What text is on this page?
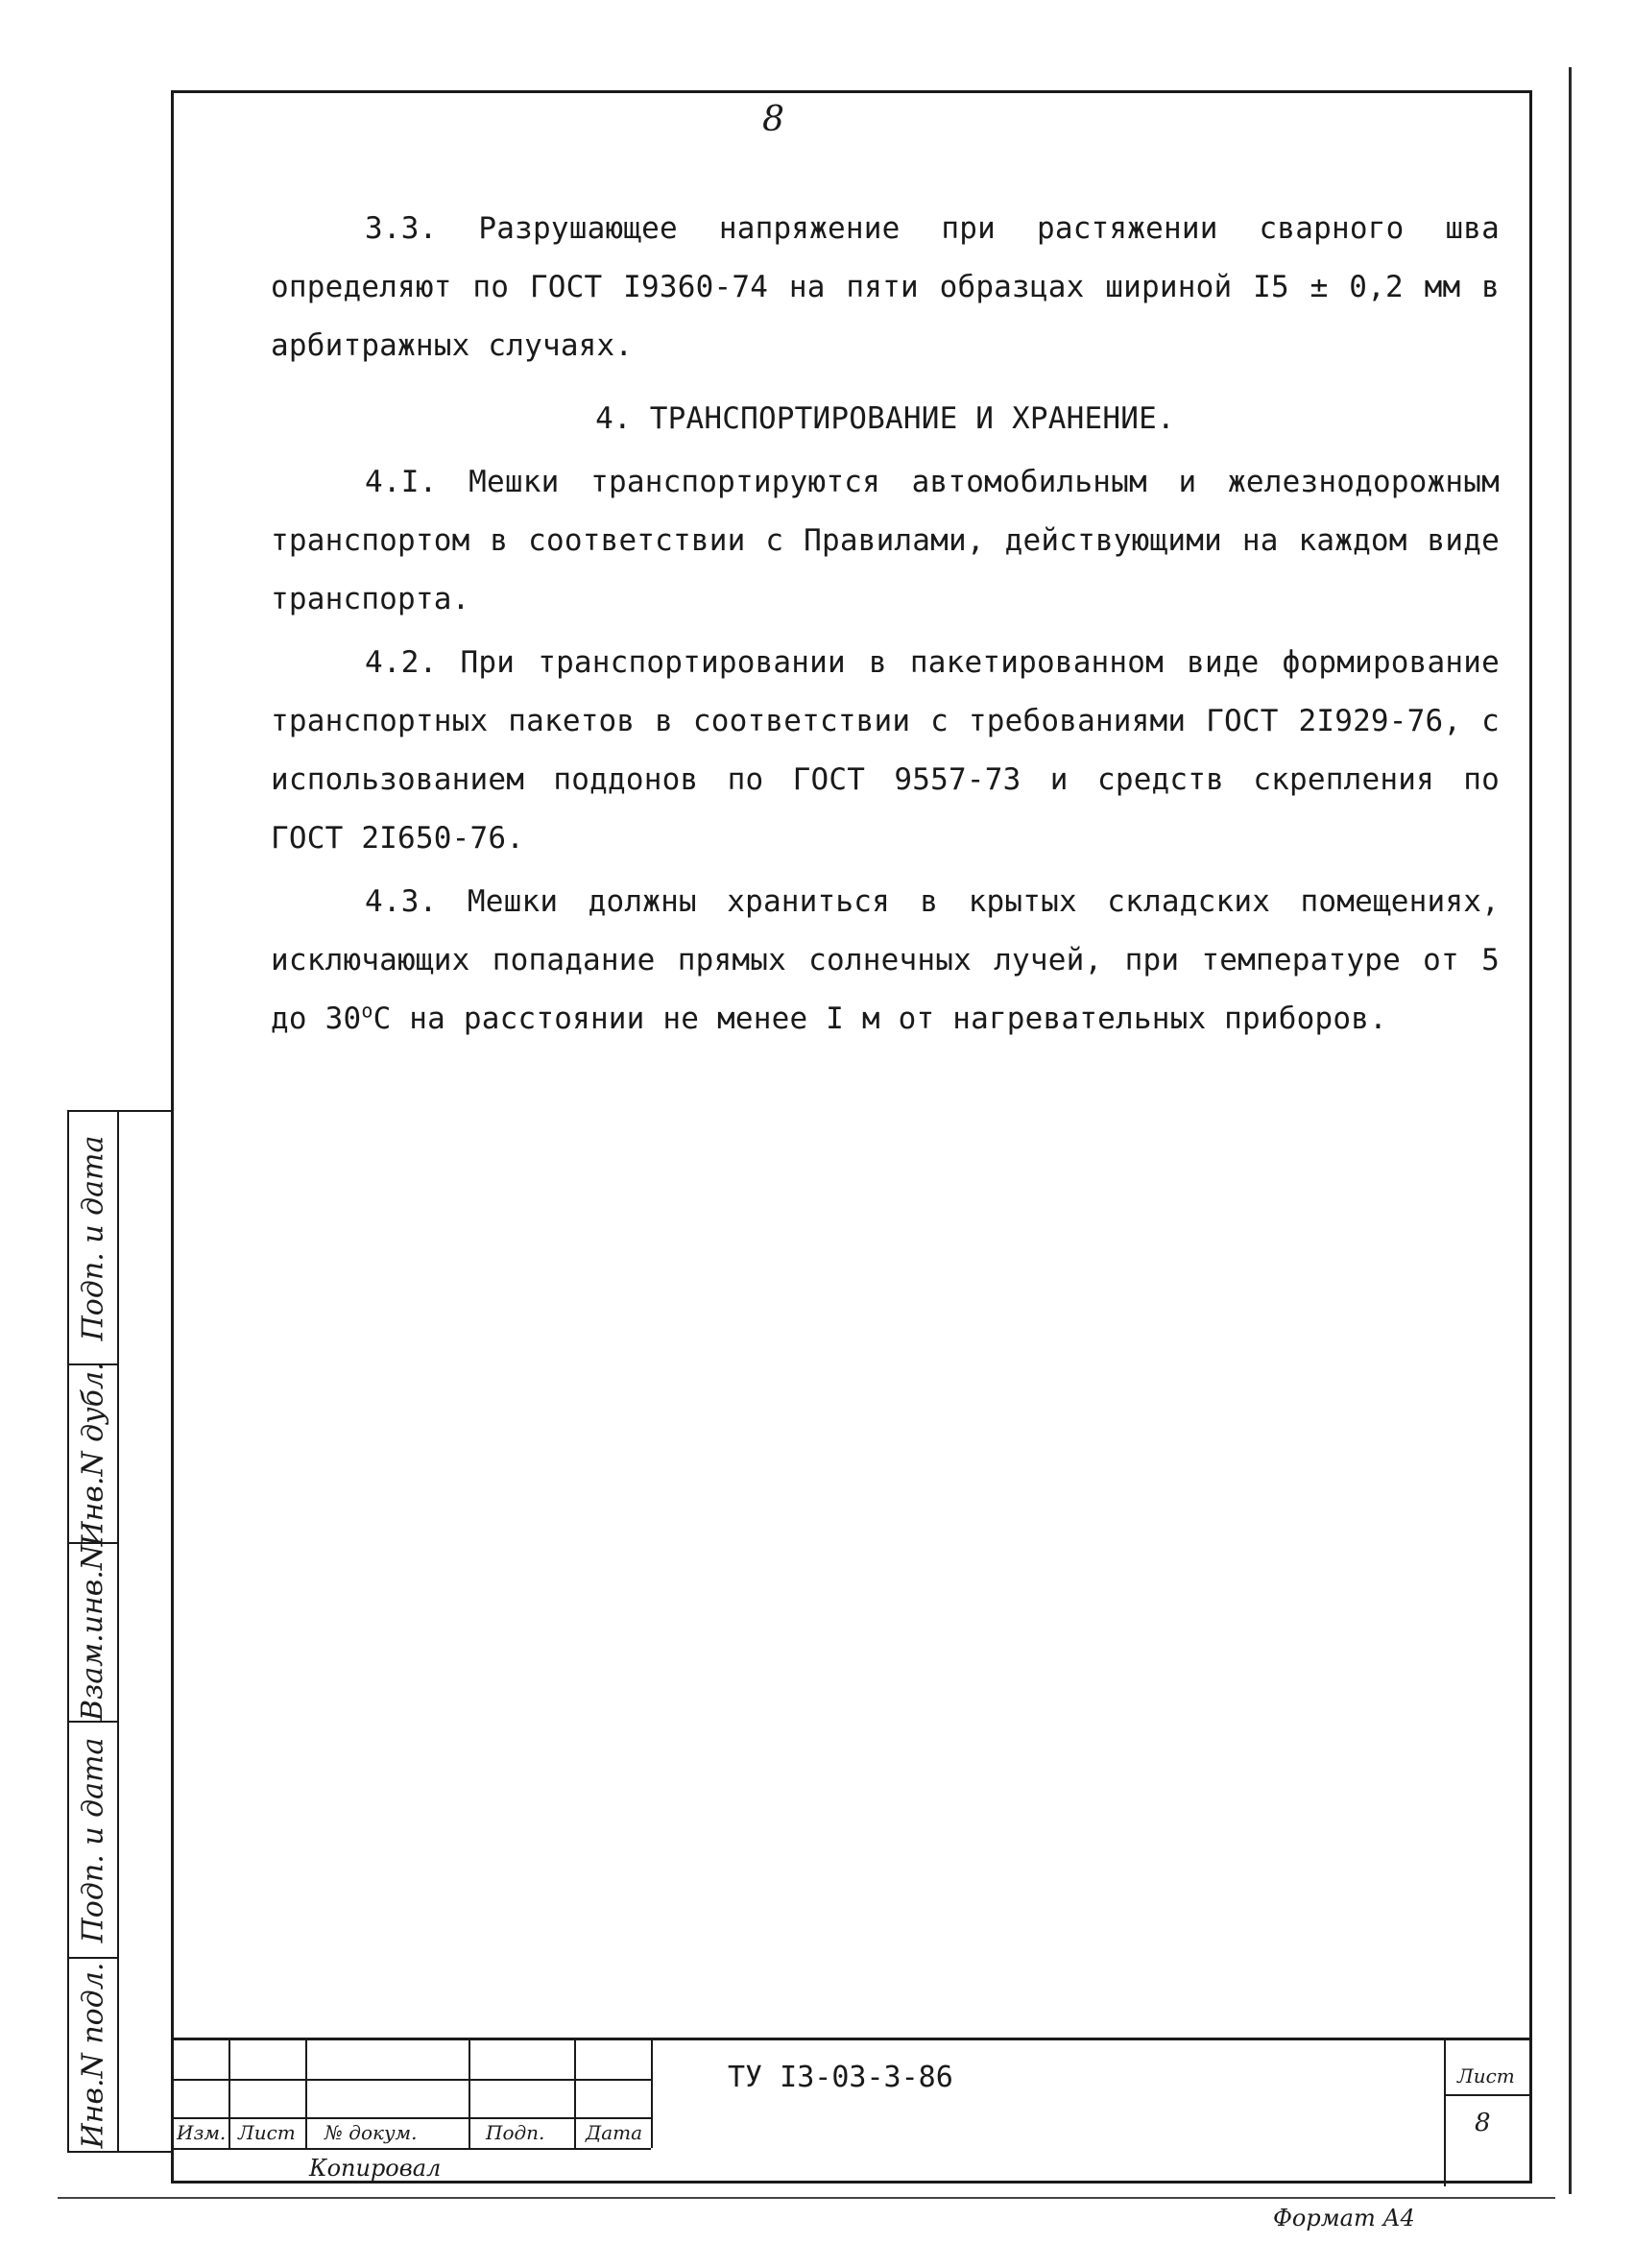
8

3.3. Разрушающее напряжение при растяжении сварного шва определяют по ГОСТ I9360-74 на пяти образцах шириной I5 ± 0,2 мм в арбитражных случаях.

4. ТРАНСПОРТИРОВАНИЕ И ХРАНЕНИЕ.

4.I. Мешки транспортируются автомобильным и железнодорожным транспортом в соответствии с Правилами, действующими на каждом виде транспорта.

4.2. При транспортировании в пакетированном виде формирование транспортных пакетов в соответствии с требованиями ГОСТ 2I929-76, с использованием поддонов по ГОСТ 9557-73 и средств скрепления по ГОСТ 2I650-76.

4.3. Мешки должны храниться в крытых складских помещениях, исключающих попадание прямых солнечных лучей, при температуре от 5 до $30^оС$ на расстоянии не менее I м от нагревательных приборов.

Подп. и дата
Инв.N дубл.
Взам.инв.N
Подп. и дата
Инв.N подл.	Изм. Лист № докум.	Подп. Дата
ТУ I3-03-3-86	Лист
8
Копировал
Формат А4
